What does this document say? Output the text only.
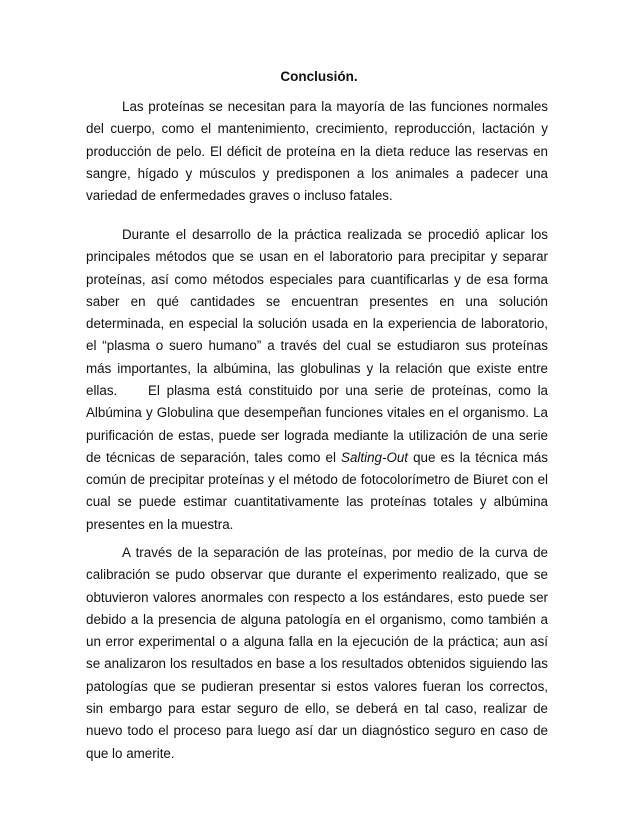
Conclusión.

Las proteínas se necesitan para la mayoría de las funciones normales del cuerpo, como el mantenimiento, crecimiento, reproducción, lactación y producción de pelo. El déficit de proteína en la dieta reduce las reservas en sangre, hígado y músculos y predisponen a los animales a padecer una variedad de enfermedades graves o incluso fatales.

Durante el desarrollo de la práctica realizada se procedió aplicar los principales métodos que se usan en el laboratorio para precipitar y separar proteínas, así como métodos especiales para cuantificarlas y de esa forma saber en qué cantidades se encuentran presentes en una solución determinada, en especial la solución usada en la experiencia de laboratorio, el “plasma o suero humano” a través del cual se estudiaron sus proteínas más importantes, la albúmina, las globulinas y la relación que existe entre ellas.	El plasma está constituido por una serie de proteínas, como la Albúmina y Globulina que desempeñan funciones vitales en el organismo. La purificación de estas, puede ser lograda mediante la utilización de una serie de técnicas de separación, tales como el Salting-Out que es la técnica más común de precipitar proteínas y el método de fotocolorímetro de Biuret con el cual se puede estimar cuantitativamente las proteínas totales y albúmina presentes en la muestra.

A través de la separación de las proteínas, por medio de la curva de calibración se pudo observar que durante el experimento realizado, que se obtuvieron valores anormales con respecto a los estándares, esto puede ser debido a la presencia de alguna patología en el organismo, como también a un error experimental o a alguna falla en la ejecución de la práctica; aun así se analizaron los resultados en base a los resultados obtenidos siguiendo las patologías que se pudieran presentar si estos valores fueran los correctos, sin embargo para estar seguro de ello, se deberá en tal caso, realizar de nuevo todo el proceso para luego así dar un diagnóstico seguro en caso de que lo amerite.
